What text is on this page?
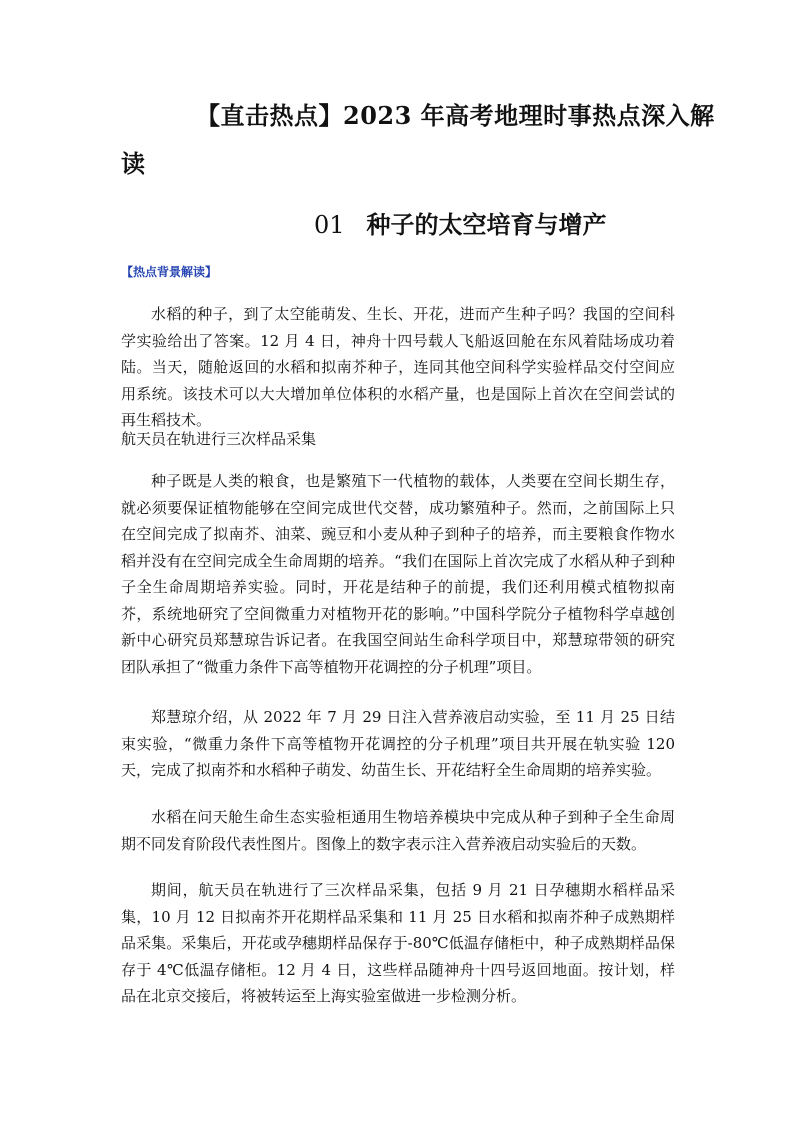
【直击热点】2023 年高考地理时事热点深入解
读
01 种子的太空培育与增产
【热点背景解读】

水稻的种子，到了太空能萌发、生长、开花，进而产生种子吗？我国的空间科学实验给出了答案。12 月 4 日，神舟十四号载人飞船返回舱在东风着陆场成功着陆。当天，随舱返回的水稻和拟南芥种子，连同其他空间科学实验样品交付空间应用系统。该技术可以大大增加单位体积的水稻产量，也是国际上首次在空间尝试的再生稻技术。

航天员在轨进行三次样品采集

种子既是人类的粮食，也是繁殖下一代植物的载体，人类要在空间长期生存，就必须要保证植物能够在空间完成世代交替，成功繁殖种子。然而，之前国际上只在空间完成了拟南芥、油菜、豌豆和小麦从种子到种子的培养，而主要粮食作物水稻并没有在空间完成全生命周期的培养。“我们在国际上首次完成了水稻从种子到种子全生命周期培养实验。同时，开花是结种子的前提，我们还利用模式植物拟南芥，系统地研究了空间微重力对植物开花的影响。”中国科学院分子植物科学卓越创新中心研究员郑慧琼告诉记者。在我国空间站生命科学项目中，郑慧琼带领的研究团队承担了“微重力条件下高等植物开花调控的分子机理”项目。

郑慧琼介绍，从 2022 年 7 月 29 日注入营养液启动实验，至 11 月 25 日结束实验，“微重力条件下高等植物开花调控的分子机理”项目共开展在轨实验 120 天，完成了拟南芥和水稻种子萌发、幼苗生长、开花结籽全生命周期的培养实验。

水稻在问天舱生命生态实验柜通用生物培养模块中完成从种子到种子全生命周期不同发育阶段代表性图片。图像上的数字表示注入营养液启动实验后的天数。

期间，航天员在轨进行了三次样品采集，包括 9 月 21 日孕穗期水稻样品采集，10 月 12 日拟南芥开花期样品采集和 11 月 25 日水稻和拟南芥种子成熟期样品采集。采集后，开花或孕穗期样品保存于-80℃低温存储柜中，种子成熟期样品保存于 4℃低温存储柜。12 月 4 日，这些样品随神舟十四号返回地面。按计划，样品在北京交接后，将被转运至上海实验室做进一步检测分析。
